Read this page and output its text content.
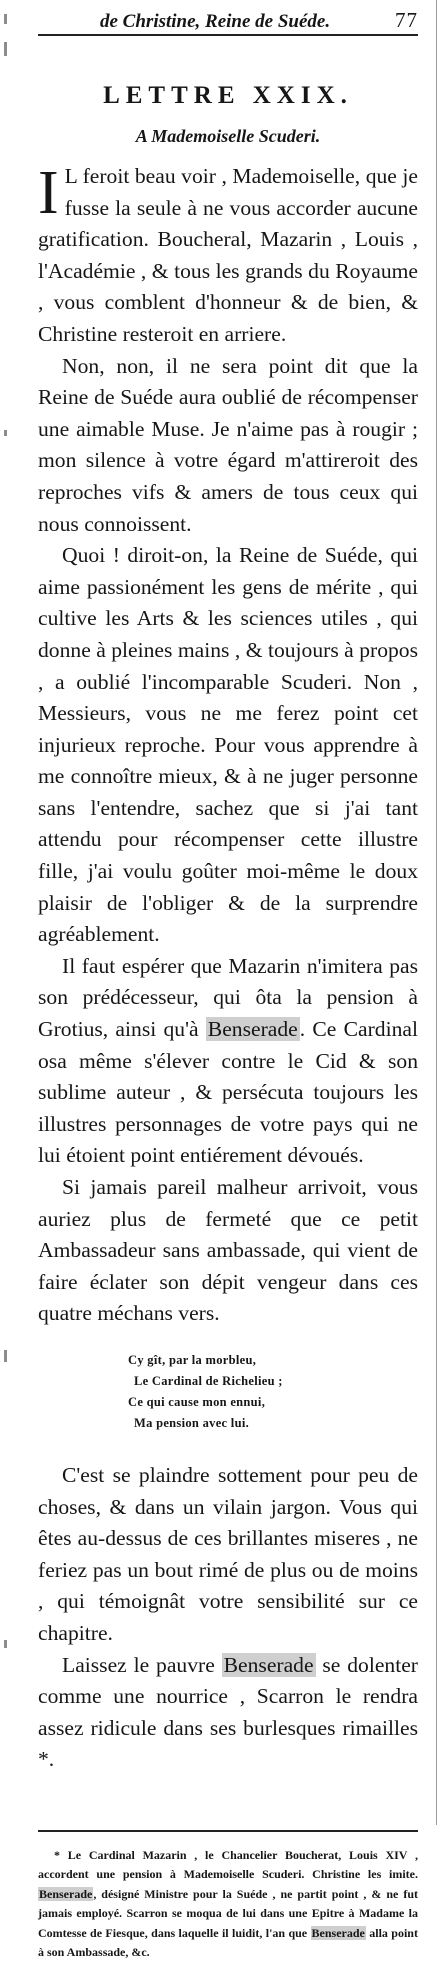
de Christine, Reine de Suéde.	77
LETTRE XXIX.
A Mademoiselle Scuderi.

I L feroit beau voir , Mademoiselle, que je fusse la seule à ne vous accorder aucune gratification. Boucheral, Mazarin , Louis , l'Académie , & tous les grands du Royaume , vous comblent d'honneur & de bien, & Christine resteroit en arriere.

Non, non, il ne sera point dit que la Reine de Suéde aura oublié de récompenser une aimable Muse. Je n'aime pas à rougir ; mon silence à votre égard m'attireroit des reproches vifs & amers de tous ceux qui nous connoissent.

Quoi ! diroit-on, la Reine de Suéde, qui aime passionément les gens de mérite , qui cultive les Arts & les sciences utiles , qui donne à pleines mains , & toujours à propos , a oublié l'incomparable Scuderi. Non , Messieurs, vous ne me ferez point cet injurieux reproche. Pour vous apprendre à me connoître mieux, & à ne juger personne sans l'entendre, sachez que si j'ai tant attendu pour récompenser cette illustre fille, j'ai voulu goûter moi-même le doux plaisir de l'obliger & de la surprendre agréablement.

Il faut espérer que Mazarin n'imitera pas son prédécesseur, qui ôta la pension à Grotius, ainsi qu'à Benserade. Ce Cardinal osa même s'élever contre le Cid & son sublime auteur , & persécuta toujours les illustres personnages de votre pays qui ne lui étoient point entiérement dévoués.

Si jamais pareil malheur arrivoit, vous auriez plus de fermeté que ce petit Ambassadeur sans ambassade, qui vient de faire éclater son dépit vengeur dans ces quatre méchans vers.

Cy gît, par la morbleu,
Le Cardinal de Richelieu ;
Ce qui cause mon ennui,
Ma pension avec lui.

C'est se plaindre sottement pour peu de choses, & dans un vilain jargon. Vous qui êtes au-dessus de ces brillantes miseres , ne feriez pas un bout rimé de plus ou de moins , qui témoignât votre sensibilité sur ce chapitre.

Laissez le pauvre Benserade se dolenter comme une nourrice , Scarron le rendra assez ridicule dans ses burlesques rimailles *.

* Le Cardinal Mazarin , le Chancelier Boucherat, Louis XIV , accordent une pension à Mademoiselle Scuderi. Christine les imite. Benserade, désigné Ministre pour la Suéde , ne partit point , & ne fut jamais employé. Scarron se moqua de lui dans une Epitre à Madame la Comtesse de Fiesque, dans laquelle il luidit, l'an que Benserade alla point à son Ambassade, &c.
